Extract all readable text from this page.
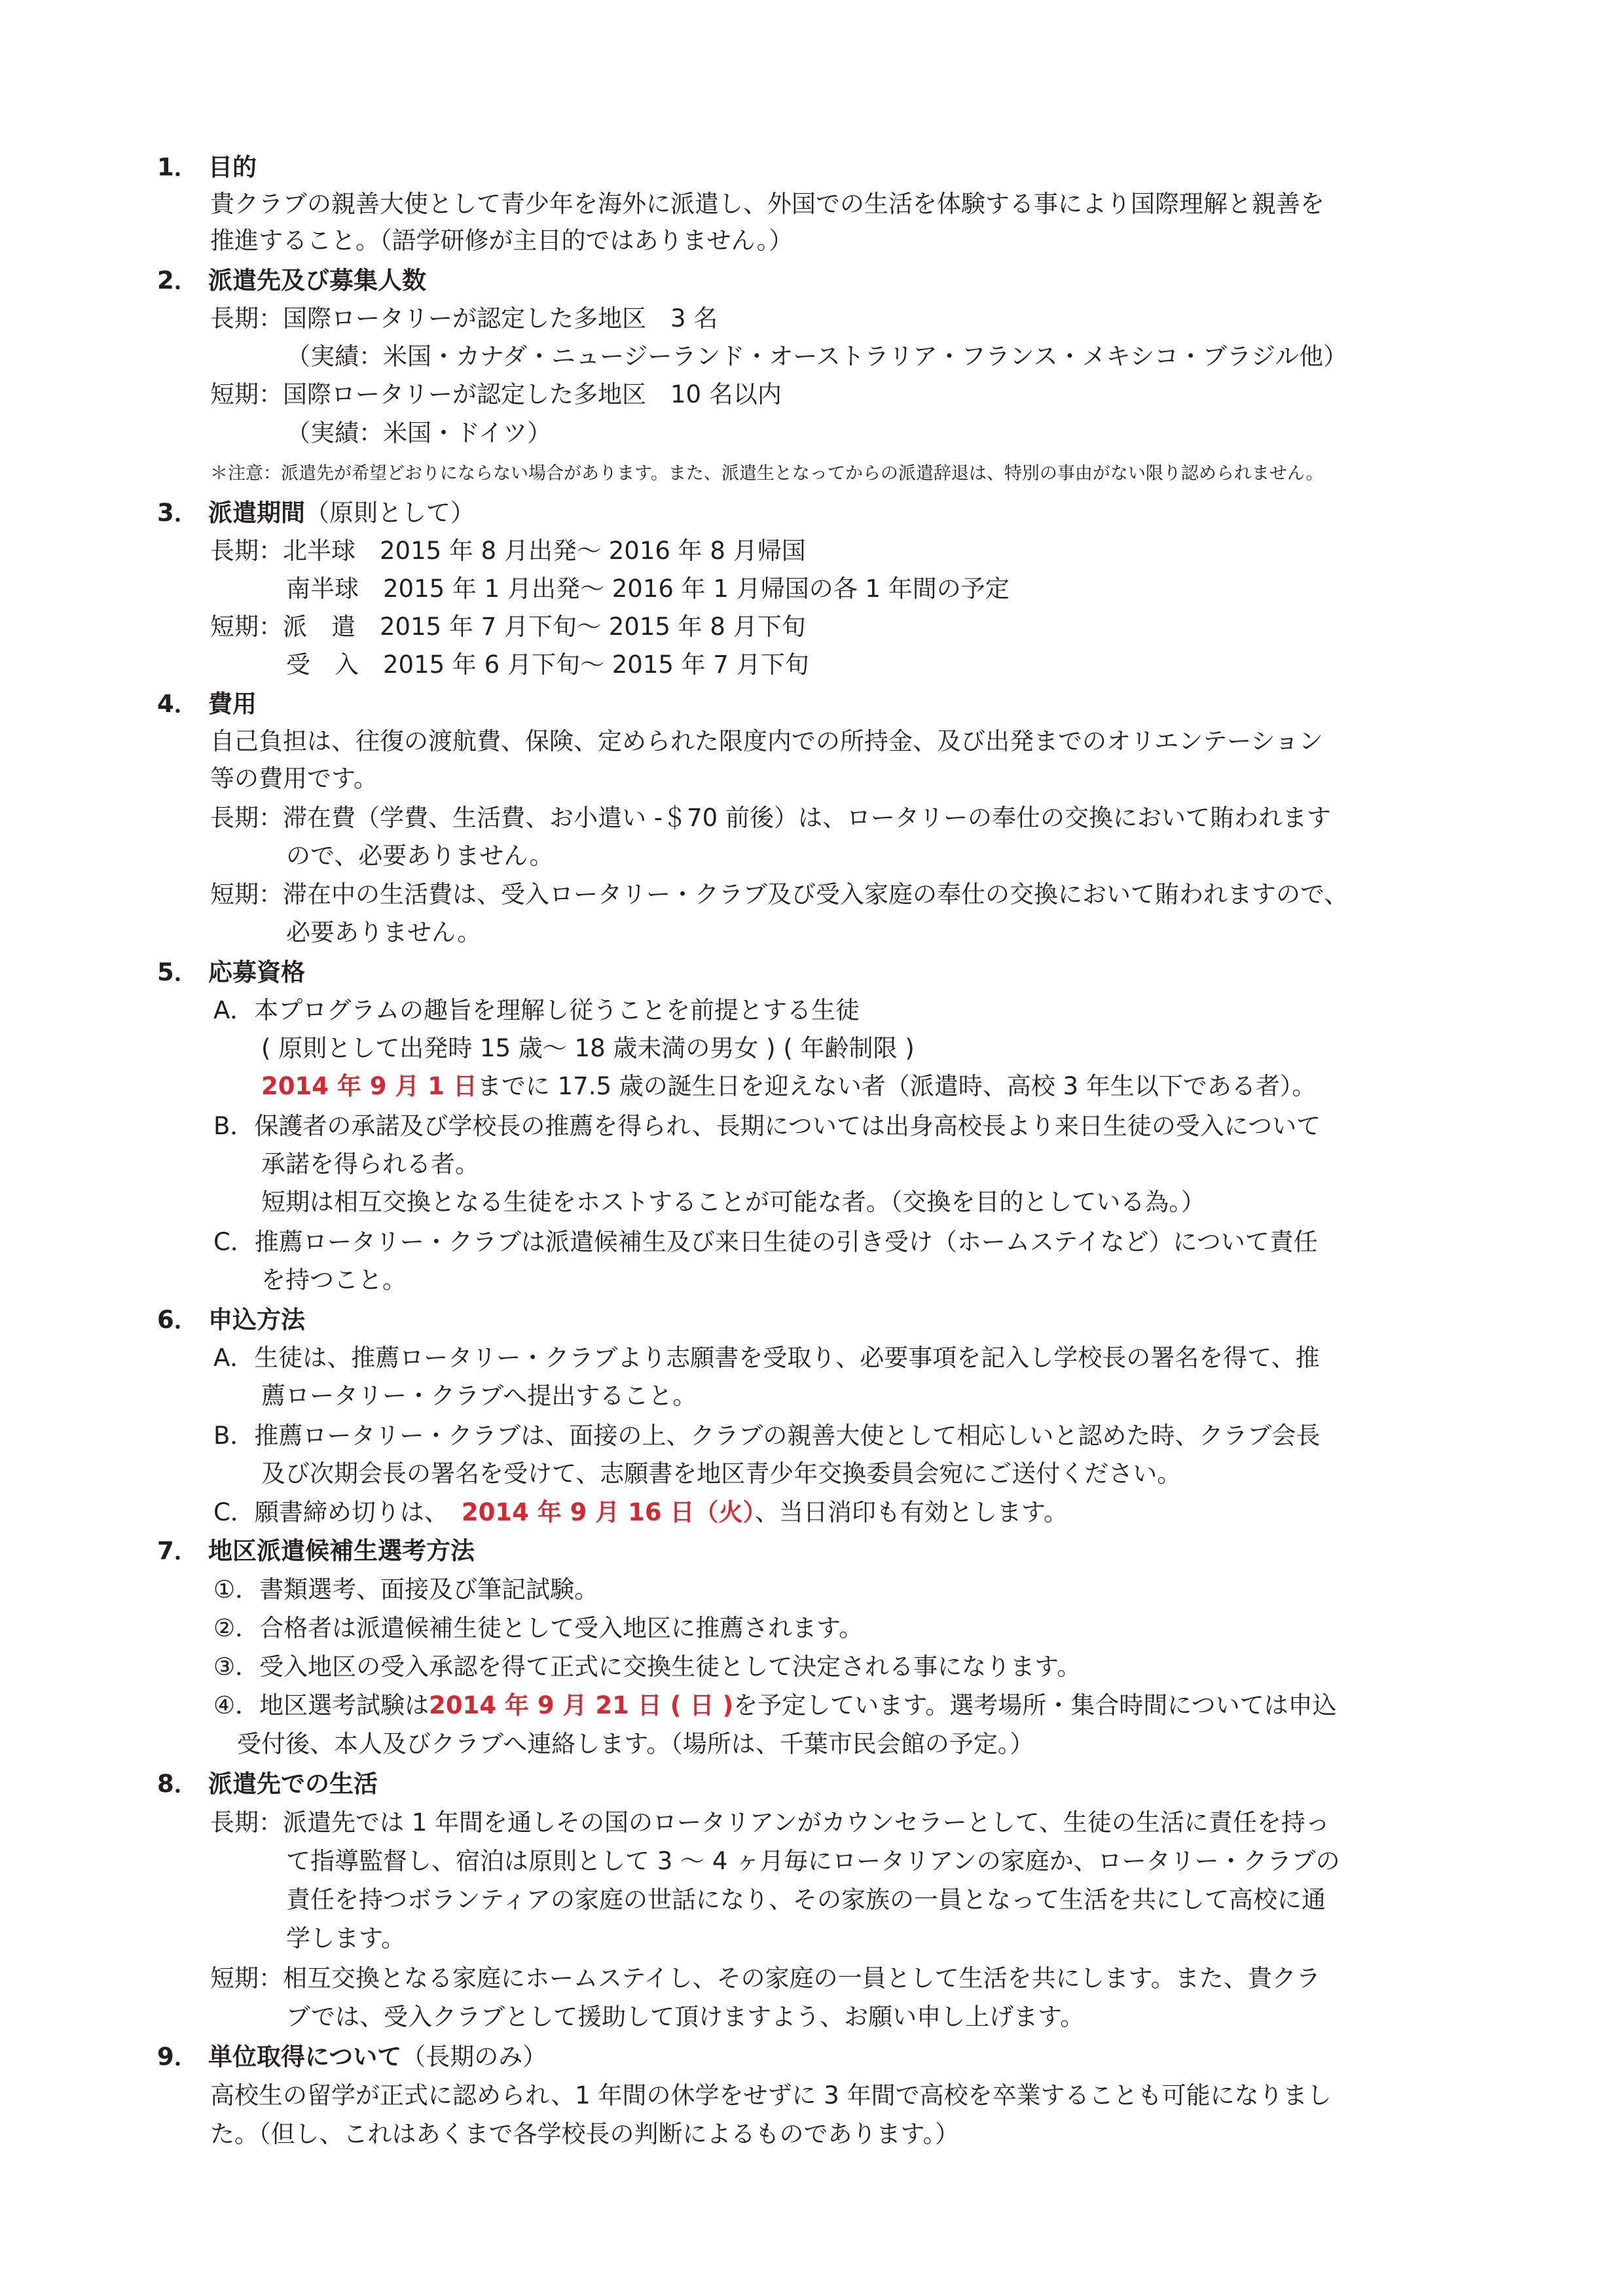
1． 目的
貴クラブの親善大使として青少年を海外に派遣し、外国での生活を体験する事により国際理解と親善を
推進すること。（語学研修が主目的ではありません。）
2． 派遣先及び募集人数
長期：国際ロータリーが認定した多地区　3 名
（実績：米国・カナダ・ニュージーランド・オーストラリア・フランス・メキシコ・ブラジル他）
短期：国際ロータリーが認定した多地区　10 名以内
（実績：米国・ドイツ）
＊注意：派遣先が希望どおりにならない場合があります。また、派遣生となってからの派遣辞退は、特別の事由がない限り認められません。
3． 派遣期間（原則として）
長期：北半球　2015 年 8 月出発～ 2016 年 8 月帰国
南半球　2015 年 1 月出発～ 2016 年 1 月帰国の各 1 年間の予定
短期：派　遣　2015 年 7 月下旬～ 2015 年 8 月下旬
受　入　2015 年 6 月下旬～ 2015 年 7 月下旬
4． 費用
自己負担は、往復の渡航費、保険、定められた限度内での所持金、及び出発までのオリエンテーション
等の費用です。
長期：滞在費（学費、生活費、お小遣い -＄70 前後）は、ロータリーの奉仕の交換において賄われます
ので、必要ありません。
短期：滞在中の生活費は、受入ロータリー・クラブ及び受入家庭の奉仕の交換において賄われますので、
必要ありません。
5． 応募資格
A．本プログラムの趣旨を理解し従うことを前提とする生徒
( 原則として出発時 15 歳～ 18 歳未満の男女 ) ( 年齢制限 )
2014 年 9 月 1 日までに 17.5 歳の誕生日を迎えない者（派遣時、高校 3 年生以下である者）。
B．保護者の承諾及び学校長の推薦を得られ、長期については出身高校長より来日生徒の受入について
承諾を得られる者。
短期は相互交換となる生徒をホストすることが可能な者。（交換を目的としている為。）
C．推薦ロータリー・クラブは派遣候補生及び来日生徒の引き受け（ホームステイなど）について責任
を持つこと。
6． 申込方法
A．生徒は、推薦ロータリー・クラブより志願書を受取り、必要事項を記入し学校長の署名を得て、推
薦ロータリー・クラブへ提出すること。
B．推薦ロータリー・クラブは、面接の上、クラブの親善大使として相応しいと認めた時、クラブ会長
及び次期会長の署名を受けて、志願書を地区青少年交換委員会宛にご送付ください。
C．願書締め切りは、 2014 年 9 月 16 日（火）、当日消印も有効とします。
7． 地区派遣候補生選考方法
①．書類選考、面接及び筆記試験。
②．合格者は派遣候補生徒として受入地区に推薦されます。
③．受入地区の受入承認を得て正式に交換生徒として決定される事になります。
④．地区選考試験は2014 年 9 月 21 日 ( 日 )を予定しています。選考場所・集合時間については申込
受付後、本人及びクラブへ連絡します。（場所は、千葉市民会館の予定。）
8． 派遣先での生活
長期：派遣先では 1 年間を通しその国のロータリアンがカウンセラーとして、生徒の生活に責任を持っ
て指導監督し、宿泊は原則として 3 ～ 4 ヶ月毎にロータリアンの家庭か、ロータリー・クラブの
責任を持つボランティアの家庭の世話になり、その家族の一員となって生活を共にして高校に通
学します。
短期：相互交換となる家庭にホームステイし、その家庭の一員として生活を共にします。また、貴クラ
ブでは、受入クラブとして援助して頂けますよう、お願い申し上げます。
9． 単位取得について（長期のみ）
高校生の留学が正式に認められ、1 年間の休学をせずに 3 年間で高校を卒業することも可能になりまし
た。（但し、これはあくまで各学校長の判断によるものであります。）
